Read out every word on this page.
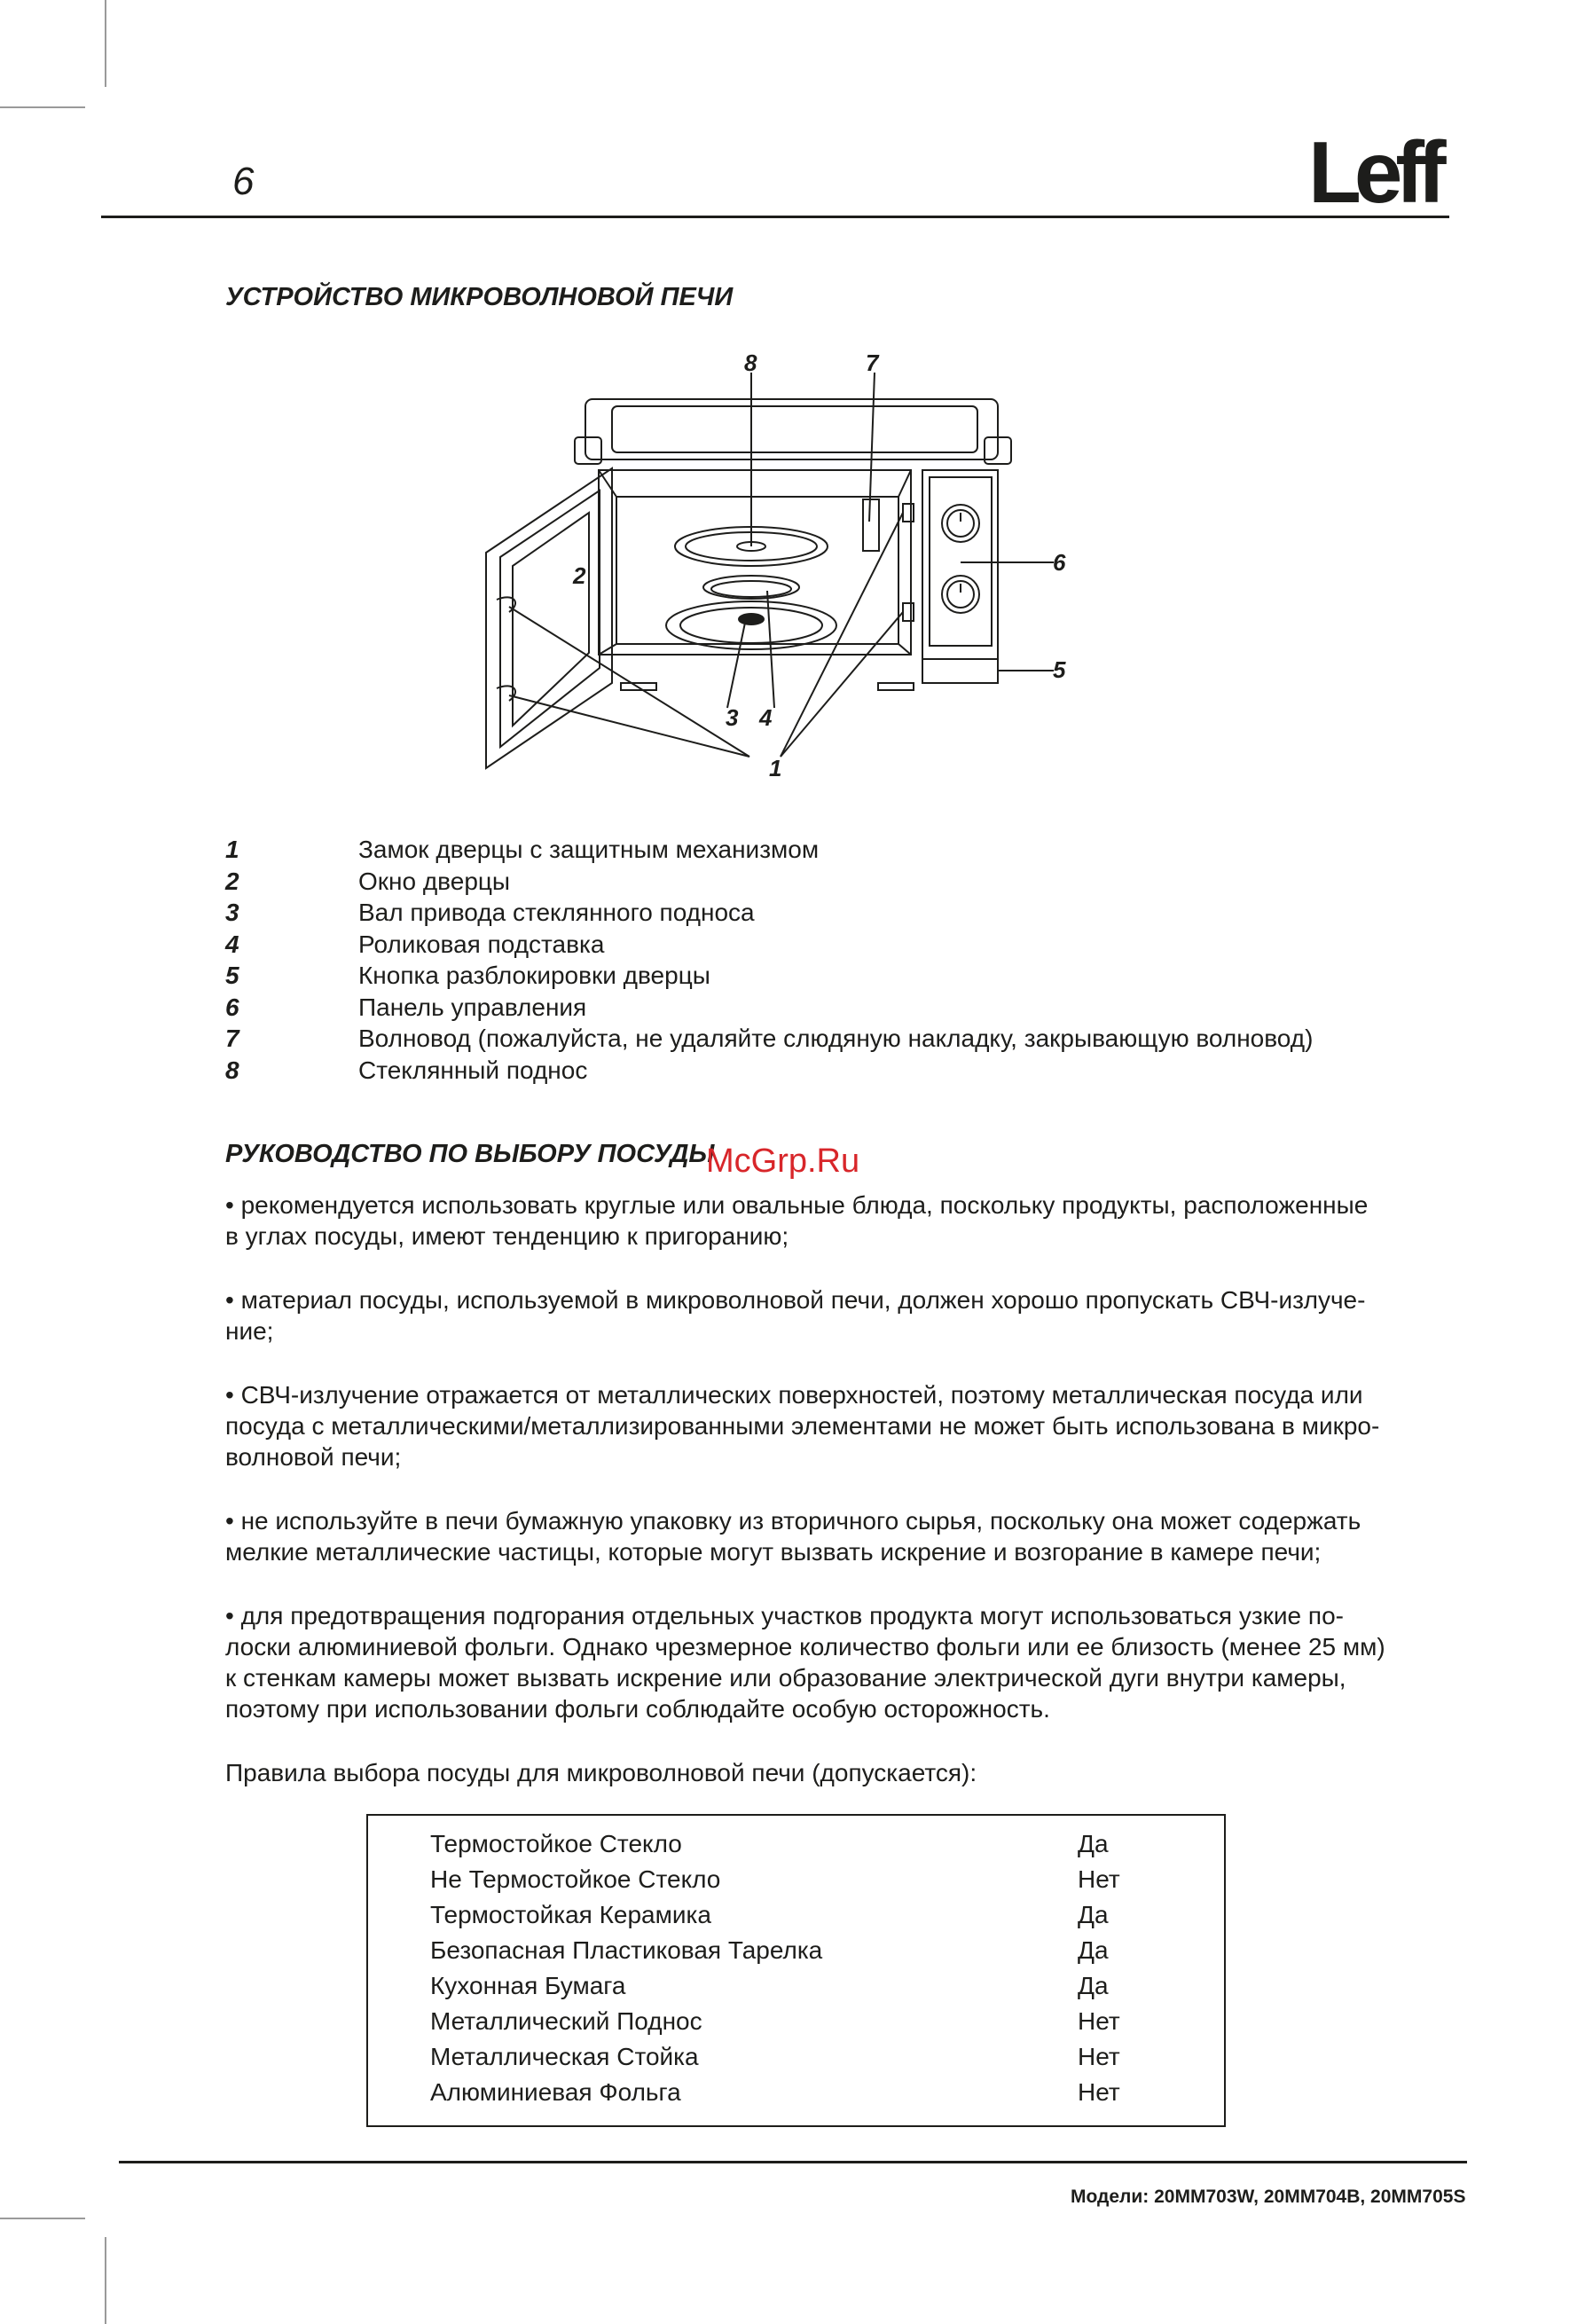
6	Leff
УСТРОЙСТВО МИКРОВОЛНОВОЙ ПЕЧИ
8	7
6
5
2
3 4
1
1	Замок дверцы с защитным механизмом
2	Окно дверцы
3	Вал привода стеклянного подноса
4	Роликовая подставка
5	Кнопка разблокировки дверцы
6	Панель управления
7	Волновод (пожалуйста, не удаляйте слюдяную накладку, закрывающую волновод)
8	Стеклянный поднос
РУКОВОДСТВО ПО ВЫБОРУ ПОСУДЫ
McGrp.Ru
• рекомендуется использовать круглые или овальные блюда, поскольку продукты, расположенные
в углах посуды, имеют тенденцию к пригоранию;
• материал посуды, используемой в микроволновой печи, должен хорошо пропускать СВЧ-излуче-
ние;
• СВЧ-излучение отражается от металлических поверхностей, поэтому металлическая посуда или
посуда с металлическими/металлизированными элементами не может быть использована в микро-
волновой печи;
• не используйте в печи бумажную упаковку из вторичного сырья, поскольку она может содержать
мелкие металлические частицы, которые могут вызвать искрение и возгорание в камере печи;
• для предотвращения подгорания отдельных участков продукта могут использоваться узкие по-
лоски алюминиевой фольги. Однако чрезмерное количество фольги или ее близость (менее 25 мм)
к стенкам камеры может вызвать искрение или образование электрической дуги внутри камеры,
поэтому при использовании фольги соблюдайте особую осторожность.
Правила выбора посуды для микроволновой печи (допускается):
Термостойкое Стекло	Да
Не Термостойкое Стекло	Нет
Термостойкая Керамика	Да
Безопасная Пластиковая Тарелка	Да
Кухонная Бумага	Да
Металлический Поднос	Нет
Металлическая Стойка	Нет
Алюминиевая Фольга	Нет
Модели: 20MM703W, 20MM704B, 20MM705S
